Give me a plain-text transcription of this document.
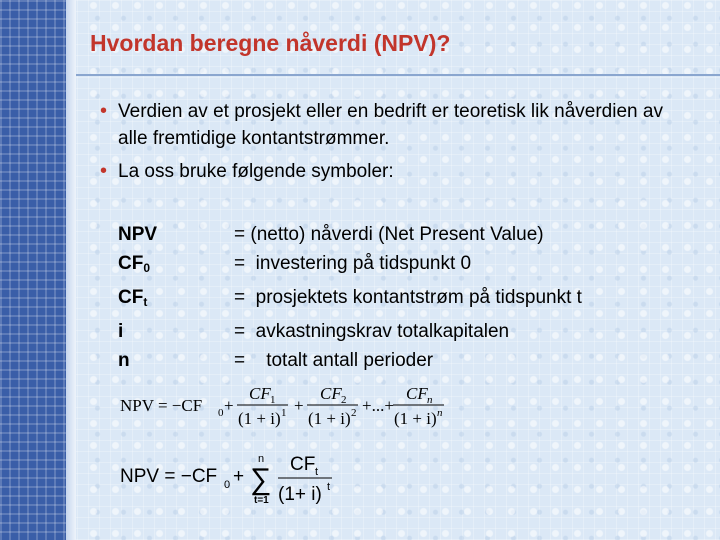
Hvordan beregne nåverdi (NPV)?
• Verdien av et prosjekt eller en bedrift er teoretisk lik nåverdien av alle fremtidige kontantstrømmer.
• La oss bruke følgende symboler:
NPV	= (netto) nåverdi (Net Present Value)
$CF_0$	=  investering på tidspunkt 0
$CF_t$	=  prosjektets kontantstrøm på tidspunkt t
i	=  avkastningskrav totalkapitalen
n	=    totalt antall perioder
NPV = −CF 0 +
CF 1
(1 + i) 1 +
CF 2
(1 + i) 2 +...+
CF n
(1 + i) n
NPV = −CF 0 +
n
∑
t=1
CF t
(1+ i) t
